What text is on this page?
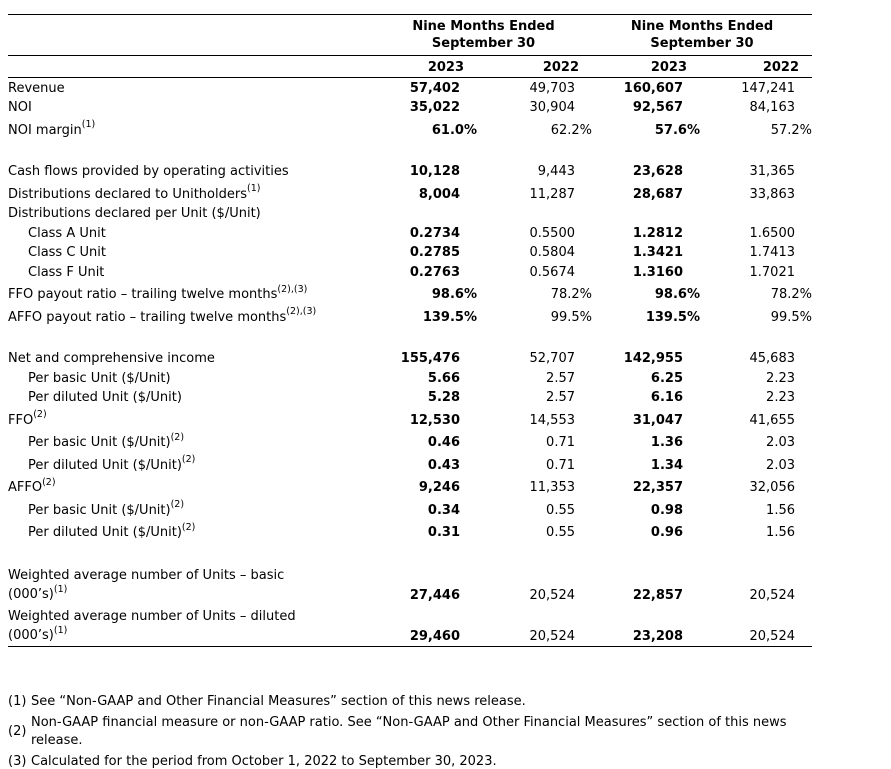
Nine Months Ended
September 30
Nine Months Ended
September 30
2023	2022	2023	2022
Revenue	57,402	49,703	160,607	147,241
NOI	35,022	30,904	92,567	84,163
NOI margin$^{(1)}$	61.0%	62.2%	57.6%	57.2%
Cash flows provided by operating activities	10,128	9,443	23,628	31,365
Distributions declared to Unitholders$^{(1)}$	8,004	11,287	28,687	33,863
Distributions declared per Unit ($/Unit)
Class A Unit	0.2734	0.5500	1.2812	1.6500
Class C Unit	0.2785	0.5804	1.3421	1.7413
Class F Unit	0.2763	0.5674	1.3160	1.7021
FFO payout ratio – trailing twelve months$^{(2),(3)}$	98.6%	78.2%	98.6%	78.2%
AFFO payout ratio – trailing twelve months$^{(2),(3)}$	139.5%	99.5%	139.5%	99.5%
Net and comprehensive income	155,476	52,707	142,955	45,683
Per basic Unit ($/Unit)	5.66	2.57	6.25	2.23
Per diluted Unit ($/Unit)	5.28	2.57	6.16	2.23
FFO$^{(2)}$	12,530	14,553	31,047	41,655
Per basic Unit ($/Unit)$^{(2)}$	0.46	0.71	1.36	2.03
Per diluted Unit ($/Unit)$^{(2)}$	0.43	0.71	1.34	2.03
AFFO$^{(2)}$	9,246	11,353	22,357	32,056
Per basic Unit ($/Unit)$^{(2)}$	0.34	0.55	0.98	1.56
Per diluted Unit ($/Unit)$^{(2)}$	0.31	0.55	0.96	1.56
Weighted average number of Units – basic
(000’s)$^{(1)}$	27,446	20,524	22,857	20,524
Weighted average number of Units – diluted
(000’s)$^{(1)}$	29,460	20,524	23,208	20,524
(1) See “Non-GAAP and Other Financial Measures” section of this news release.
(2)
Non-GAAP financial measure or non-GAAP ratio. See “Non-GAAP and Other Financial Measures” section of this news release.
(3) Calculated for the period from October 1, 2022 to September 30, 2023.
